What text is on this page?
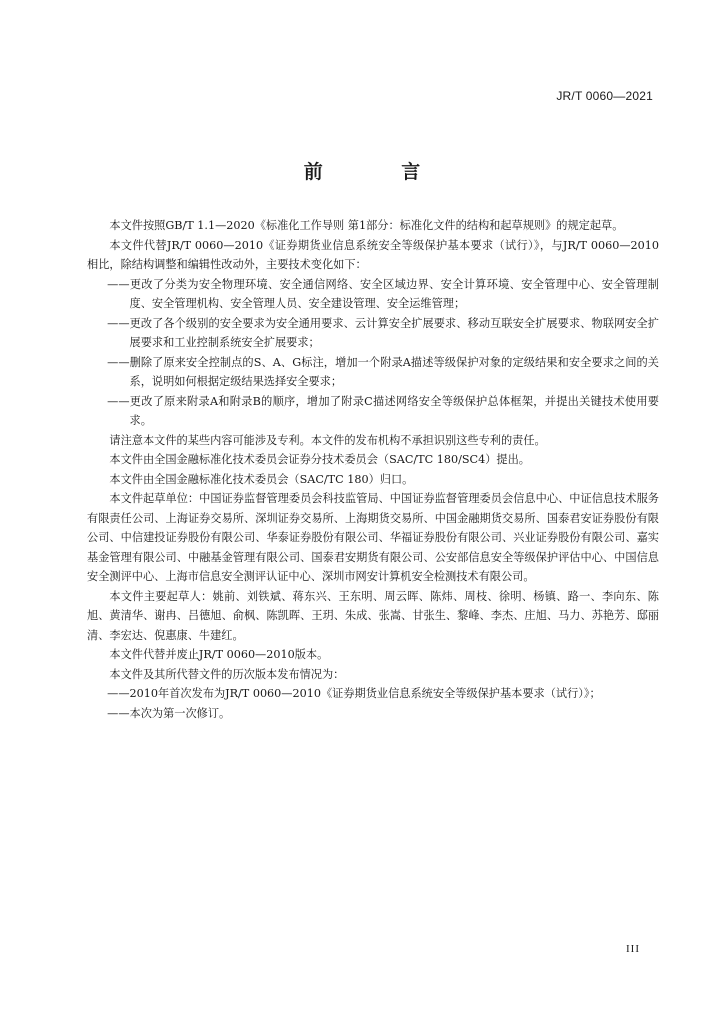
JR/T 0060—2021
前 言

本文件按照GB/T 1.1—2020《标准化工作导则 第1部分：标准化文件的结构和起草规则》的规定起草。

本文件代替JR/T 0060—2010《证券期货业信息系统安全等级保护基本要求（试行）》，与JR/T 0060—2010相比，除结构调整和编辑性改动外，主要技术变化如下：

——更改了分类为安全物理环境、安全通信网络、安全区域边界、安全计算环境、安全管理中心、安全管理制度、安全管理机构、安全管理人员、安全建设管理、安全运维管理；

——更改了各个级别的安全要求为安全通用要求、云计算安全扩展要求、移动互联安全扩展要求、物联网安全扩展要求和工业控制系统安全扩展要求；

——删除了原来安全控制点的S、A、G标注，增加一个附录A描述等级保护对象的定级结果和安全要求之间的关系，说明如何根据定级结果选择安全要求；

——更改了原来附录A和附录B的顺序，增加了附录C描述网络安全等级保护总体框架，并提出关键技术使用要求。

请注意本文件的某些内容可能涉及专利。本文件的发布机构不承担识别这些专利的责任。

本文件由全国金融标准化技术委员会证券分技术委员会（SAC/TC 180/SC4）提出。

本文件由全国金融标准化技术委员会（SAC/TC 180）归口。

本文件起草单位：中国证券监督管理委员会科技监管局、中国证券监督管理委员会信息中心、中证信息技术服务有限责任公司、上海证券交易所、深圳证券交易所、上海期货交易所、中国金融期货交易所、国泰君安证券股份有限公司、中信建投证券股份有限公司、华泰证券股份有限公司、华福证券股份有限公司、兴业证券股份有限公司、嘉实基金管理有限公司、中融基金管理有限公司、国泰君安期货有限公司、公安部信息安全等级保护评估中心、中国信息安全测评中心、上海市信息安全测评认证中心、深圳市网安计算机安全检测技术有限公司。

本文件主要起草人：姚前、刘铁斌、蒋东兴、王东明、周云晖、陈炜、周枝、徐明、杨镇、路一、李向东、陈旭、黄清华、谢冉、吕德旭、俞枫、陈凯晖、王玥、朱成、张嵩、甘张生、黎峰、李杰、庄旭、马力、苏艳芳、邸丽清、李宏达、倪惠康、牛建红。

本文件代替并废止JR/T 0060—2010版本。

本文件及其所代替文件的历次版本发布情况为：

——2010年首次发布为JR/T 0060—2010《证券期货业信息系统安全等级保护基本要求（试行）》；

——本次为第一次修订。

III
